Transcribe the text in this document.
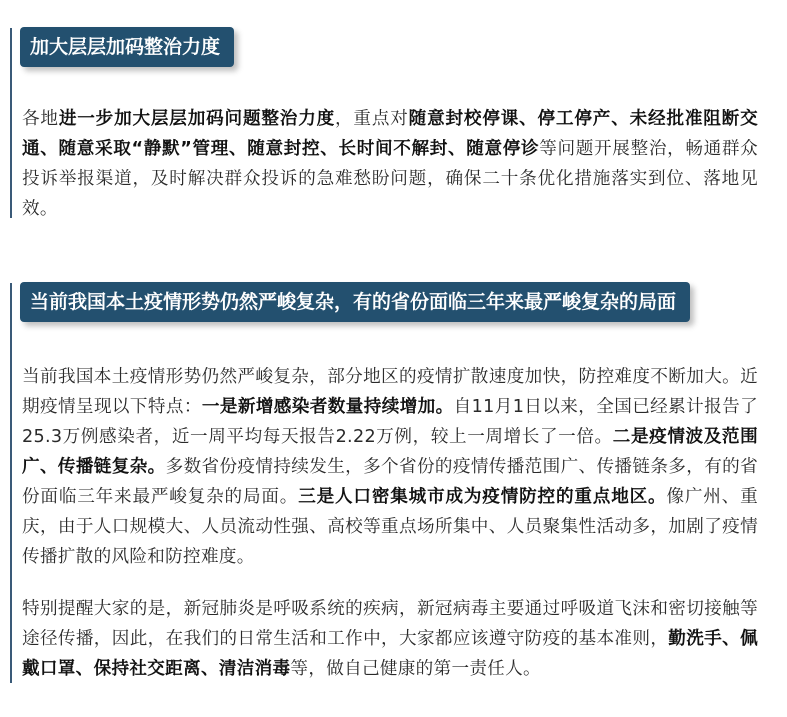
加大层层加码整治力度
各地进一步加大层层加码问题整治力度，重点对随意封校停课、停工停产、未经批准阻断交通、随意采取“静默”管理、随意封控、长时间不解封、随意停诊等问题开展整治，畅通群众投诉举报渠道，及时解决群众投诉的急难愁盼问题，确保二十条优化措施落实到位、落地见效。
当前我国本土疫情形势仍然严峻复杂，有的省份面临三年来最严峻复杂的局面
当前我国本土疫情形势仍然严峻复杂，部分地区的疫情扩散速度加快，防控难度不断加大。近期疫情呈现以下特点：一是新增感染者数量持续增加。自11月1日以来，全国已经累计报告了25.3万例感染者，近一周平均每天报告2.22万例，较上一周增长了一倍。二是疫情波及范围广、传播链复杂。多数省份疫情持续发生，多个省份的疫情传播范围广、传播链条多，有的省份面临三年来最严峻复杂的局面。三是人口密集城市成为疫情防控的重点地区。像广州、重庆，由于人口规模大、人员流动性强、高校等重点场所集中、人员聚集性活动多，加剧了疫情传播扩散的风险和防控难度。
特别提醒大家的是，新冠肺炎是呼吸系统的疾病，新冠病毒主要通过呼吸道飞沫和密切接触等途径传播，因此，在我们的日常生活和工作中，大家都应该遵守防疫的基本准则，勤洗手、佩戴口罩、保持社交距离、清洁消毒等，做自己健康的第一责任人。
